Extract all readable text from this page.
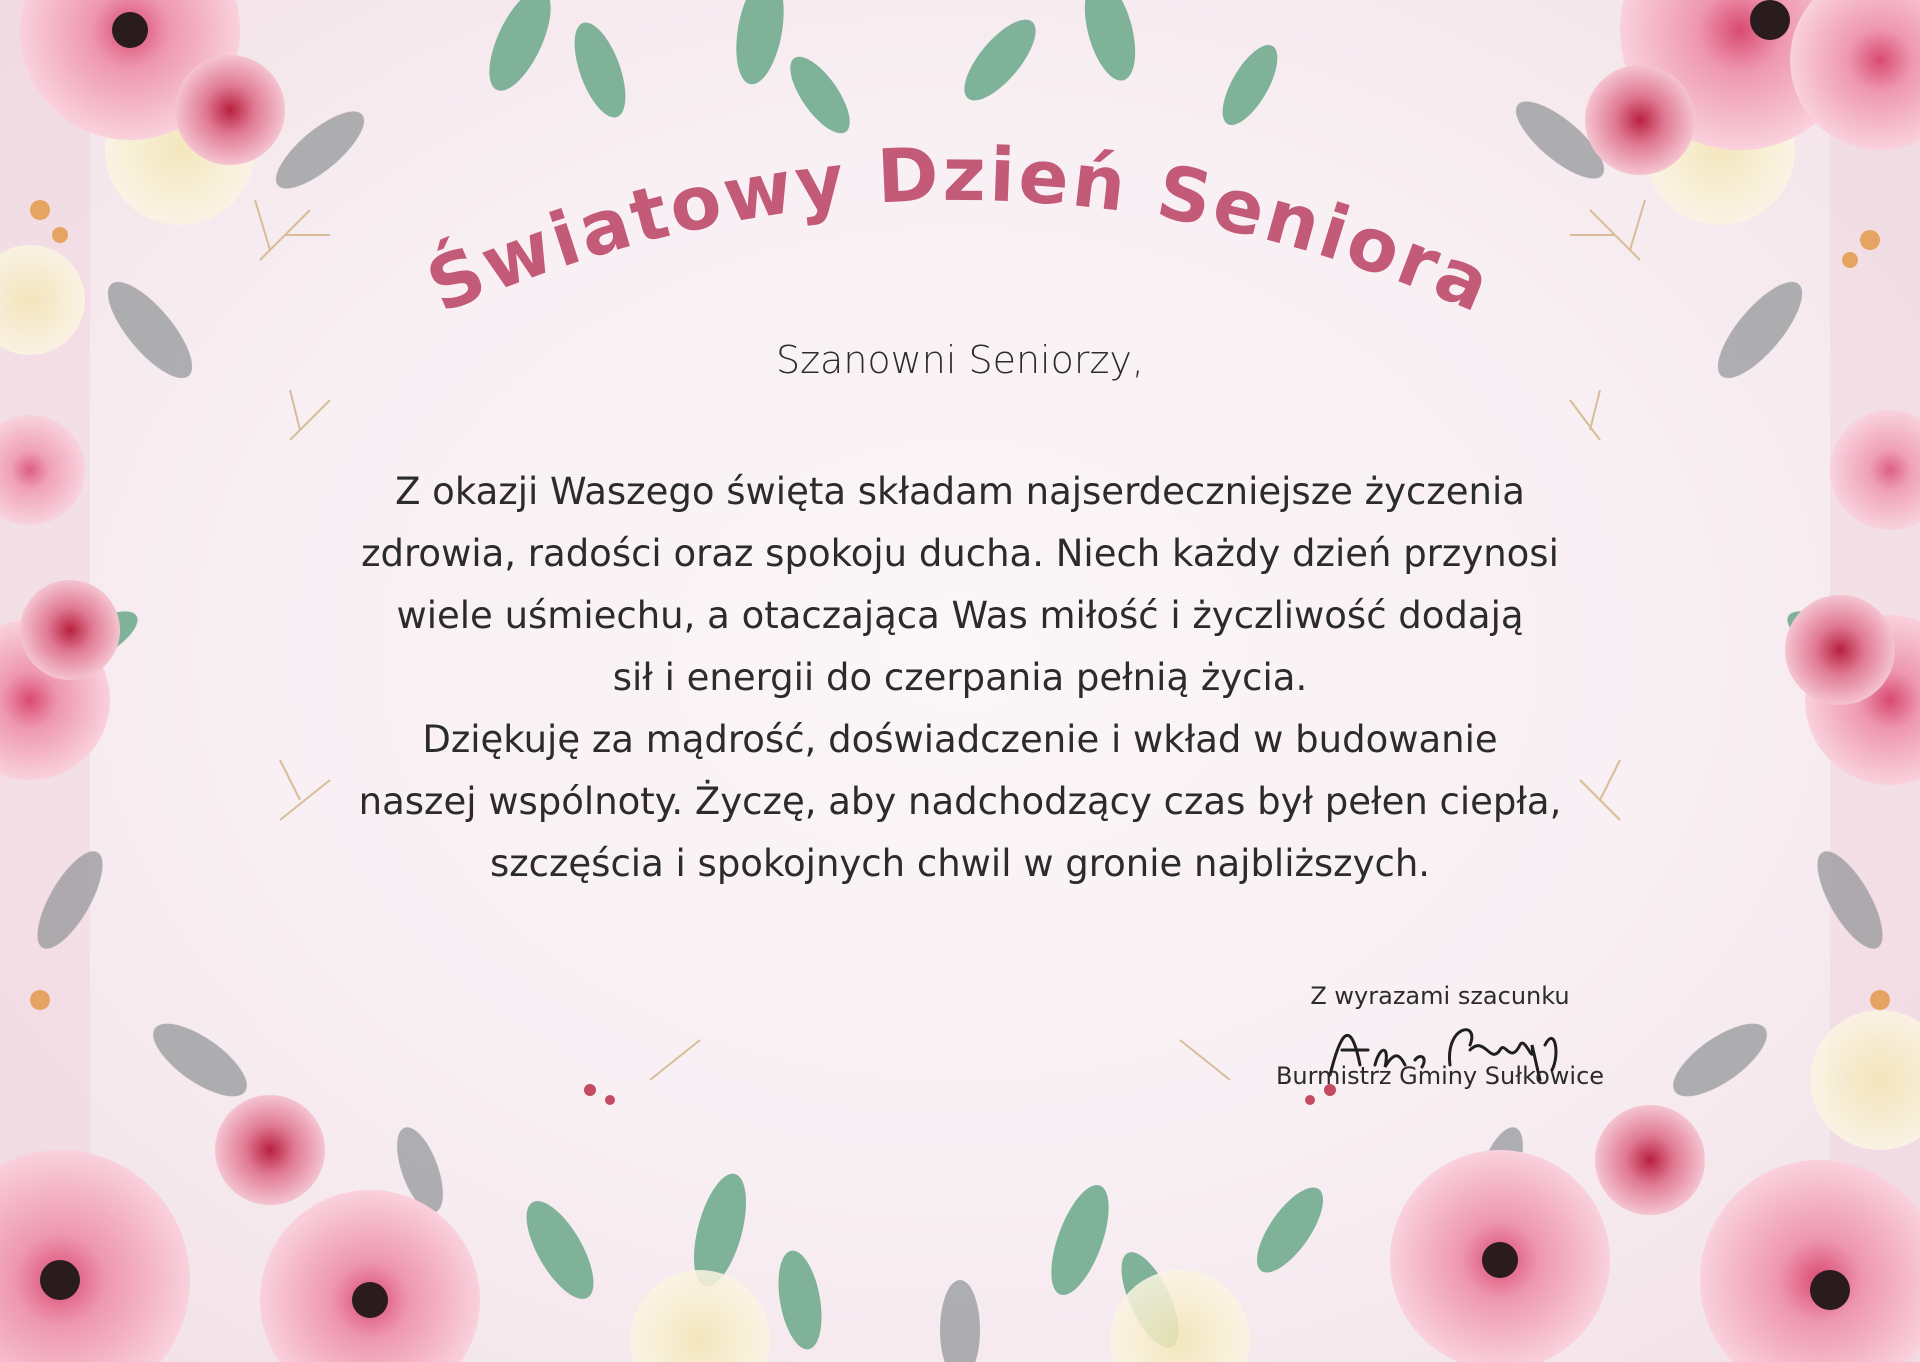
Światowy Dzień Seniora
Szanowni Seniorzy,
Z okazji Waszego święta składam najserdeczniejsze życzenia
zdrowia, radości oraz spokoju ducha. Niech każdy dzień przynosi
wiele uśmiechu, a otaczająca Was miłość i życzliwość dodają
sił i energii do czerpania pełnią życia.
Dziękuję za mądrość, doświadczenie i wkład w budowanie
naszej wspólnoty. Życzę, aby nadchodzący czas był pełen ciepła,
szczęścia i spokojnych chwil w gronie najbliższych.
Z wyrazami szacunku
Burmistrz Gminy Sułkowice
